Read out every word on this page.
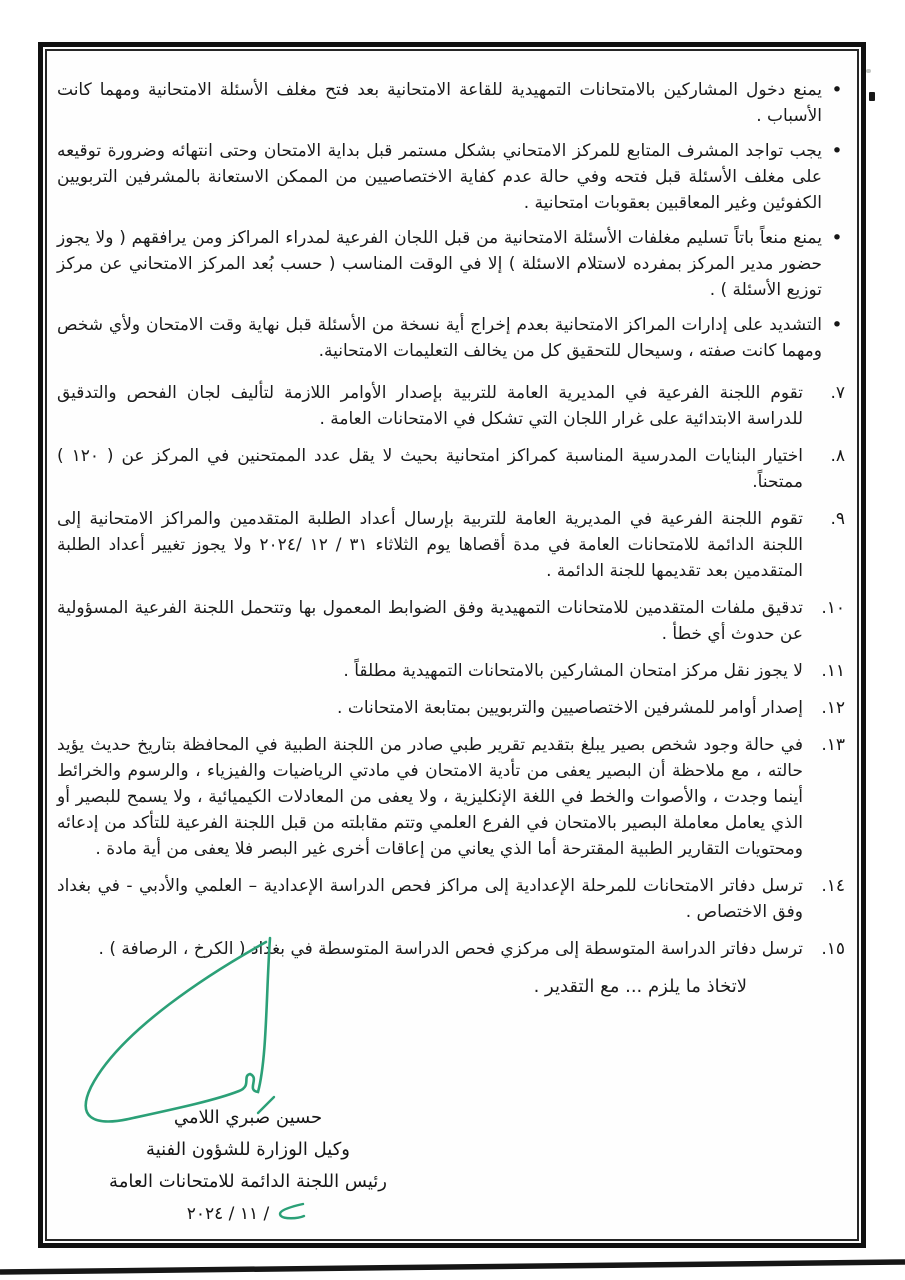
•
يمنع دخول المشاركين بالامتحانات التمهيدية للقاعة الامتحانية بعد فتح مغلف الأسئلة الامتحانية ومهما كانت الأسباب .
•
يجب تواجد المشرف المتابع للمركز الامتحاني بشكل مستمر قبل بداية الامتحان وحتى انتهائه وضرورة توقيعه على مغلف الأسئلة قبل فتحه وفي حالة عدم كفاية الاختصاصيين من الممكن الاستعانة بالمشرفين التربويين الكفوئين وغير المعاقبين بعقوبات امتحانية .
•
يمنع منعاً باتاً تسليم مغلفات الأسئلة الامتحانية من قبل اللجان الفرعية لمدراء المراكز ومن يرافقهم ( ولا يجوز حضور مدير المركز بمفرده لاستلام الاسئلة ) إلا في الوقت المناسب ( حسب بُعد المركز الامتحاني عن مركز توزيع الأسئلة ) .
•
التشديد على إدارات المراكز الامتحانية بعدم إخراج أية نسخة من الأسئلة قبل نهاية وقت الامتحان ولأي شخص ومهما كانت صفته ، وسيحال للتحقيق كل من يخالف التعليمات الامتحانية.
٧.
تقوم اللجنة الفرعية في المديرية العامة للتربية بإصدار الأوامر اللازمة لتأليف لجان الفحص والتدقيق للدراسة الابتدائية على غرار اللجان التي تشكل في الامتحانات العامة .
٨.
اختيار البنايات المدرسية المناسبة كمراكز امتحانية بحيث لا يقل عدد الممتحنين في المركز عن ( ١٢٠ ) ممتحناً.
٩.
تقوم اللجنة الفرعية في المديرية العامة للتربية بإرسال أعداد الطلبة المتقدمين والمراكز الامتحانية إلى اللجنة الدائمة للامتحانات العامة في مدة أقصاها يوم الثلاثاء ٣١ / ١٢ /٢٠٢٤ ولا يجوز تغيير أعداد الطلبة المتقدمين بعد تقديمها للجنة الدائمة .
١٠.
تدقيق ملفات المتقدمين للامتحانات التمهيدية وفق الضوابط المعمول بها وتتحمل اللجنة الفرعية المسؤولية عن حدوث أي خطأ .
١١.
لا يجوز نقل مركز امتحان المشاركين بالامتحانات التمهيدية مطلقاً .
١٢.
إصدار أوامر للمشرفين الاختصاصيين والتربويين بمتابعة الامتحانات .
١٣.
في حالة وجود شخص بصير يبلغ بتقديم تقرير طبي صادر من اللجنة الطبية في المحافظة بتاريخ حديث يؤيد حالته ، مع ملاحظة أن البصير يعفى من تأدية الامتحان في مادتي الرياضيات والفيزياء ، والرسوم والخرائط أينما وجدت ، والأصوات والخط في اللغة الإنكليزية ، ولا يعفى من المعادلات الكيميائية ، ولا يسمح للبصير أو الذي يعامل معاملة البصير بالامتحان في الفرع العلمي وتتم مقابلته من قبل اللجنة الفرعية للتأكد من إدعائه ومحتويات التقارير الطبية المقترحة أما الذي يعاني من إعاقات أخرى غير البصر فلا يعفى من أية مادة .
١٤.
ترسل دفاتر الامتحانات للمرحلة الإعدادية إلى مراكز فحص الدراسة الإعدادية – العلمي والأدبي - في بغداد وفق الاختصاص .
١٥.
ترسل دفاتر الدراسة المتوسطة إلى مركزي فحص الدراسة المتوسطة في بغداد ( الكرخ ، الرصافة ) .
لاتخاذ ما يلزم ... مع التقدير .
حسين صبري اللامي
وكيل الوزارة للشؤون الفنية
رئيس اللجنة الدائمة للامتحانات العامة
/ ١١ / ٢٠٢٤
